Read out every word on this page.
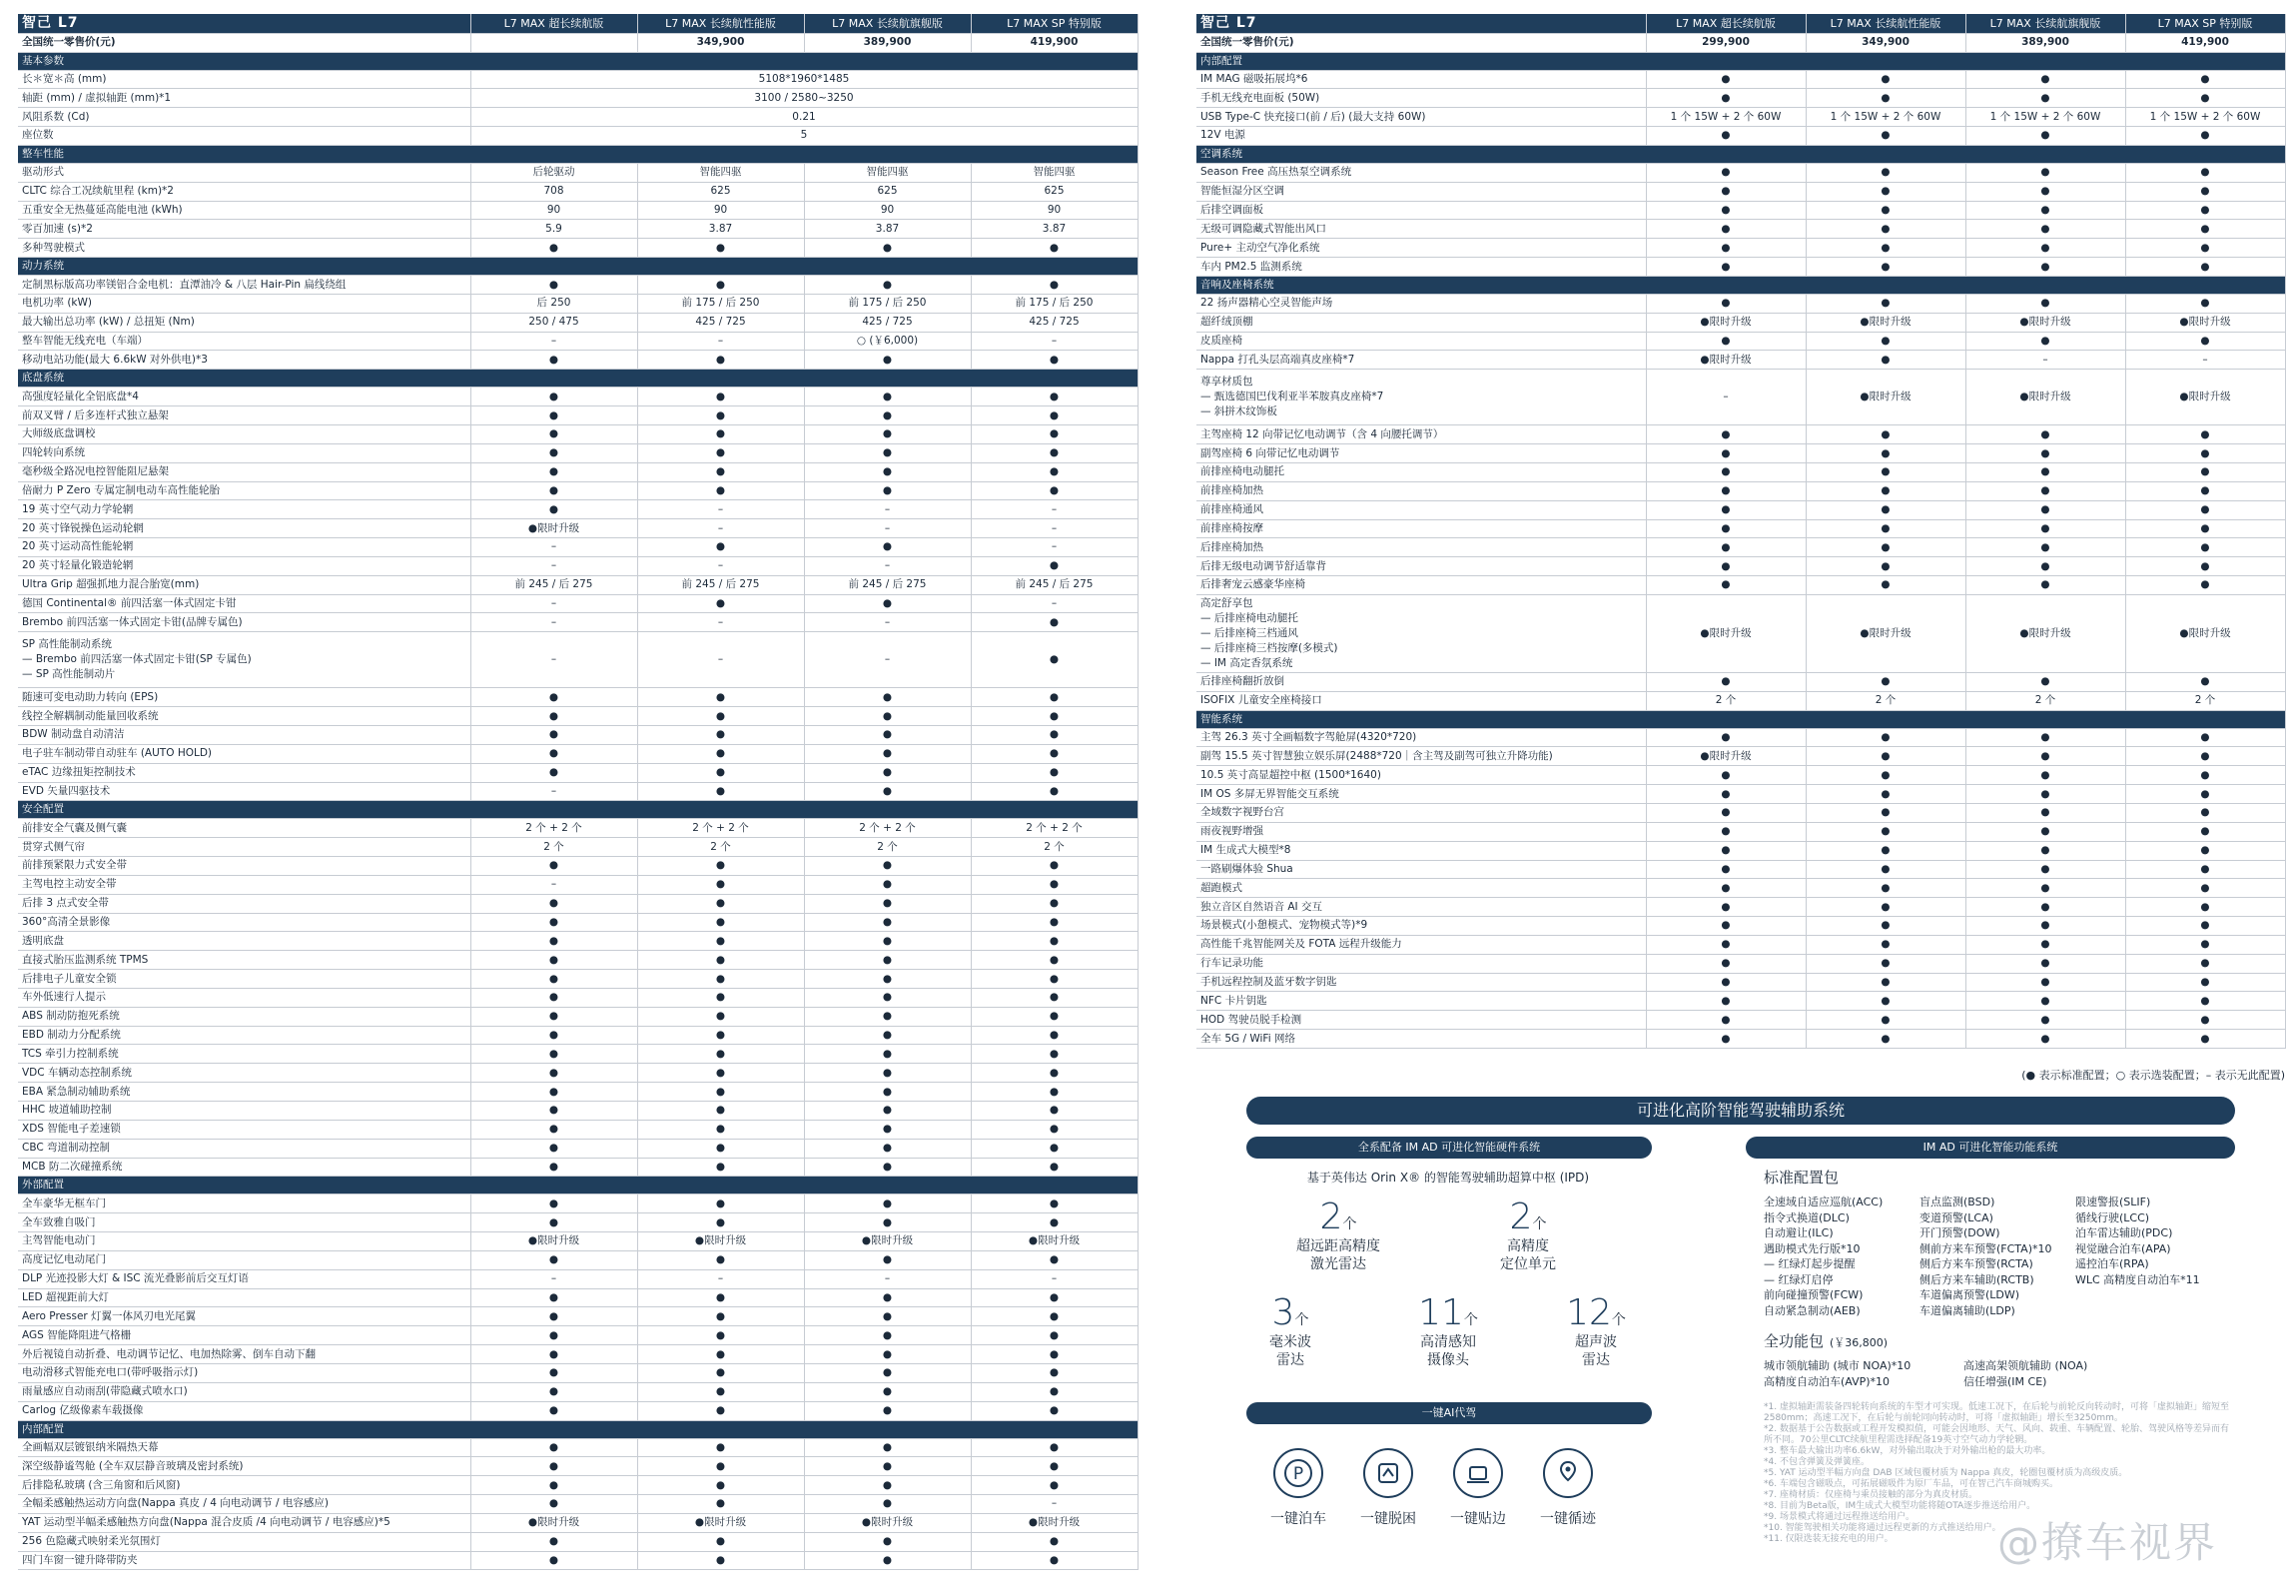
智己 L7	L7 MAX 超长续航版	L7 MAX 长续航性能版	L7 MAX 长续航旗舰版	L7 MAX SP 特别版
全国统一零售价(元)		349,900	389,900	419,900
基本参数				
长＊宽＊高 (mm)	5108*1960*1485			
轴距 (mm) / 虚拟轴距 (mm)*1	3100 / 2580~3250			
风阻系数 (Cd)	0.21			
座位数	5			
整车性能				
驱动形式	后轮驱动	智能四驱	智能四驱	智能四驱
CLTC 综合工况续航里程 (km)*2	708	625	625	625
五重安全无热蔓延高能电池 (kWh)	90	90	90	90
零百加速 (s)*2	5.9	3.87	3.87	3.87
多种驾驶模式	●	●	●	●
动力系统				
定制黑标版高功率镁铝合金电机：直潭油冷 & 八层 Hair-Pin 扁线绕组	●	●	●	●
电机功率 (kW)	后 250	前 175 / 后 250	前 175 / 后 250	前 175 / 后 250
最大输出总功率 (kW) / 总扭矩 (Nm)	250 / 475	425 / 725	425 / 725	425 / 725
整车智能无线充电（车端）	–	–	○ (￥6,000)	–
移动电站功能(最大 6.6kW 对外供电)*3	●	●	●	●
底盘系统				
高强度轻量化全铝底盘*4	●	●	●	●
前双叉臂 / 后多连杆式独立悬架	●	●	●	●
大师级底盘调校	●	●	●	●
四轮转向系统	●	●	●	●
毫秒级全路况电控智能阻尼悬架	●	●	●	●
倍耐力 P Zero 专属定制电动车高性能轮胎	●	●	●	●
19 英寸空气动力学轮辋	●	–	–	–
20 英寸锋锐操色运动轮辋	●限时升级	–	–	–
20 英寸运动高性能轮辋	–	●	●	–
20 英寸轻量化锻造轮辋	–	–	–	●
Ultra Grip 超强抓地力混合胎宽(mm)	前 245 / 后 275	前 245 / 后 275	前 245 / 后 275	前 245 / 后 275
德国 Continental® 前四活塞一体式固定卡钳	–	●	●	–
Brembo 前四活塞一体式固定卡钳(品牌专属色)	–	–	–	●

SP 高性能制动系统
— Brembo 前四活塞一体式固定卡钳(SP 专属色)
— SP 高性能制动片	–	–	–	●
随速可变电动助力转向 (EPS)	●	●	●	●
线控全解耦制动能量回收系统	●	●	●	●
BDW 制动盘自动清洁	●	●	●	●
电子驻车制动带自动驻车 (AUTO HOLD)	●	●	●	●
eTAC 边缘扭矩控制技术	●	●	●	●
EVD 矢量四驱技术	–	●	●	●
安全配置				
前排安全气囊及侧气囊	2 个 + 2 个	2 个 + 2 个	2 个 + 2 个	2 个 + 2 个
贯穿式侧气帘	2 个	2 个	2 个	2 个
前排预紧限力式安全带	●	●	●	●
主驾电控主动安全带	–	●	●	●
后排 3 点式安全带	●	●	●	●
360°高清全景影像	●	●	●	●
透明底盘	●	●	●	●
直接式胎压监测系统 TPMS	●	●	●	●
后排电子儿童安全锁	●	●	●	●
车外低速行人提示	●	●	●	●
ABS 制动防抱死系统	●	●	●	●
EBD 制动力分配系统	●	●	●	●
TCS 牵引力控制系统	●	●	●	●
VDC 车辆动态控制系统	●	●	●	●
EBA 紧急制动辅助系统	●	●	●	●
HHC 坡道辅助控制	●	●	●	●
XDS 智能电子差速锁	●	●	●	●
CBC 弯道制动控制	●	●	●	●
MCB 防二次碰撞系统	●	●	●	●
外部配置				
全车豪华无框车门	●	●	●	●
全车致雅自吸门	●	●	●	●
主驾智能电动门	●限时升级	●限时升级	●限时升级	●限时升级
高度记忆电动尾门	●	●	●	●
DLP 光迹投影大灯 & ISC 流光叠影前后交互灯语	–	–	–	–
LED 超视距前大灯	●	●	●	●
Aero Presser 灯翼一体风刃电光尾翼	●	●	●	●
AGS 智能降阻进气格栅	●	●	●	●
外后视镜自动折叠、电动调节记忆、电加热除雾、倒车自动下翻	●	●	●	●
电动滑移式智能充电口(带呼吸指示灯)	●	●	●	●
雨量感应自动雨刮(带隐藏式喷水口)	●	●	●	●
Carlog 亿级像素车载摄像	●	●	●	●
内部配置				
全画幅双层镀银纳米隔热天幕	●	●	●	●
深空级静谧驾舱 (全车双层静音玻璃及密封系统)	●	●	●	●
后排隐私玻璃 (含三角窗和后风窗)	●	●	●	●
全幅柔感触热运动方向盘(Nappa 真皮 / 4 向电动调节 / 电容感应)	●	●	●	–
YAT 运动型半幅柔感触热方向盘(Nappa 混合皮质 /4 向电动调节 / 电容感应)*5	●限时升级	●限时升级	●限时升级	●限时升级
256 色隐藏式映射柔光氛围灯	●	●	●	●
四门车窗一键升降带防夹	●	●	●	●
智己 L7	L7 MAX 超长续航版	L7 MAX 长续航性能版	L7 MAX 长续航旗舰版	L7 MAX SP 特别版
全国统一零售价(元)	299,900	349,900	389,900	419,900
内部配置				
IM MAG 磁吸拓展坞*6	●	●	●	●
手机无线充电面板 (50W)	●	●	●	●
USB Type-C 快充接口(前 / 后) (最大支持 60W)	1 个 15W + 2 个 60W	1 个 15W + 2 个 60W	1 个 15W + 2 个 60W	1 个 15W + 2 个 60W
12V 电源	●	●	●	●
空调系统				
Season Free 高压热泵空调系统	●	●	●	●
智能恒湿分区空调	●	●	●	●
后排空调面板	●	●	●	●
无级可调隐藏式智能出风口	●	●	●	●
Pure+ 主动空气净化系统	●	●	●	●
车内 PM2.5 监测系统	●	●	●	●
音响及座椅系统				
22 扬声器精心空灵智能声场	●	●	●	●
超纤绒顶棚	●限时升级	●限时升级	●限时升级	●限时升级
皮质座椅	●	●	●	●
Nappa 打孔头层高端真皮座椅*7	●限时升级	●	–	–

尊享材质包
— 甄选德国巴伐利亚半苯胺真皮座椅*7
— 斜拼木纹饰板	–	●限时升级	●限时升级	●限时升级
主驾座椅 12 向带记忆电动调节（含 4 向腰托调节）	●	●	●	●
副驾座椅 6 向带记忆电动调节	●	●	●	●
前排座椅电动腿托	●	●	●	●
前排座椅加热	●	●	●	●
前排座椅通风	●	●	●	●
前排座椅按摩	●	●	●	●
后排座椅加热	●	●	●	●
后排无级电动调节舒适靠背	●	●	●	●
后排奢宠云感豪华座椅	●	●	●	●

高定舒享包
— 后排座椅电动腿托
— 后排座椅三档通风
— 后排座椅三档按摩(多模式)
— IM 高定香氛系统	●限时升级	●限时升级	●限时升级	●限时升级
后排座椅翻折放倒	●	●	●	●
ISOFIX 儿童安全座椅接口	2 个	2 个	2 个	2 个
智能系统				
主驾 26.3 英寸全画幅数字驾舱屏(4320*720)	●	●	●	●
副驾 15.5 英寸智慧独立娱乐屏(2488*720｜含主驾及副驾可独立升降功能)	●限时升级	●	●	●
10.5 英寸高显超控中枢 (1500*1640)	●	●	●	●
IM OS 多屏无界智能交互系统	●	●	●	●
全域数字视野台宫	●	●	●	●
雨夜视野增强	●	●	●	●
IM 生成式大模型*8	●	●	●	●
一路刷爆体验 Shua	●	●	●	●
超跑模式	●	●	●	●
独立音区自然语音 AI 交互	●	●	●	●
场景模式(小憩模式、宠物模式等)*9	●	●	●	●
高性能千兆智能网关及 FOTA 远程升级能力	●	●	●	●
行车记录功能	●	●	●	●
手机远程控制及蓝牙数字钥匙	●	●	●	●
NFC 卡片钥匙	●	●	●	●
HOD 驾驶员脱手检测	●	●	●	●
全车 5G / WiFi 网络	●	●	●	●
(● 表示标准配置；○ 表示选装配置；– 表示无此配置)
可进化高阶智能驾驶辅助系统
全系配备 IM AD 可进化智能硬件系统
基于英伟达 Orin X® 的智能驾驶辅助超算中枢 (IPD)
2个
超远距高精度
激光雷达
2个
高精度
定位单元
3个
毫米波
雷达
11个
高清感知
摄像头
12个
超声波
雷达
一键AI代驾
P
一键泊车	一键脱困	一键贴边	一键循迹
IM AD 可进化智能功能系统
标准配置包
全速域自适应巡航(ACC)
指令式换道(DLC)
自动避让(ILC)
遇助模式先行版*10
— 红绿灯起步提醒
— 红绿灯启停
前向碰撞预警(FCW)
自动紧急制动(AEB)
盲点监测(BSD)
变道预警(LCA)
开门预警(DOW)
侧前方来车预警(FCTA)*10
侧后方来车预警(RCTA)
侧后方来车辅助(RCTB)
车道偏离预警(LDW)
车道偏离辅助(LDP)
限速警报(SLIF)
循线行驶(LCC)
泊车雷达辅助(PDC)
视觉融合泊车(APA)
遥控泊车(RPA)
WLC 高精度自动泊车*11
全功能包 (￥36,800)
城市领航辅助 (城市 NOA)*10
高精度自动泊车(AVP)*10
高速高架领航辅助 (NOA)
信任增强(IM CE)
*1. 虚拟轴距需装备四轮转向系统的车型才可实现。低速工况下，在后轮与前轮反向转动时，可将「虚拟轴距」缩短至2580mm；高速工况下，在后轮与前轮同向转动时，可将「虚拟轴距」增长至3250mm。
*2. 数据基于公告数据或工程开发模拟值，可能会因地形、天气、风向、载重、车辆配置、轮胎、驾驶风格等差异而有所不同。70公里CLTC续航里程需选择配备19英寸空气动力学轮辋。
*3. 整车最大输出功率6.6kW，对外输出取决于对外输出枪的最大功率。
*4. 不包含弹簧及弹簧座。
*5. YAT 运动型半幅方向盘 DAB 区域包覆材质为 Nappa 真皮，轮圈包覆材质为高级皮质。
*6. 车端包含磁吸点，可拓展磁吸件为原厂车品，可在智己汽车商城购买。
*7. 座椅材质：仅座椅与乘员接触的部分为真皮材质。
*8. 目前为Beta版，IM生成式大模型功能将随OTA逐步推送给用户。
*9. 场景模式将通过远程推送给用户。
*10. 智能驾驶相关功能将通过远程更新的方式推送给用户。
*11. 仅限选装无接充电的用户。	@撩车视界
